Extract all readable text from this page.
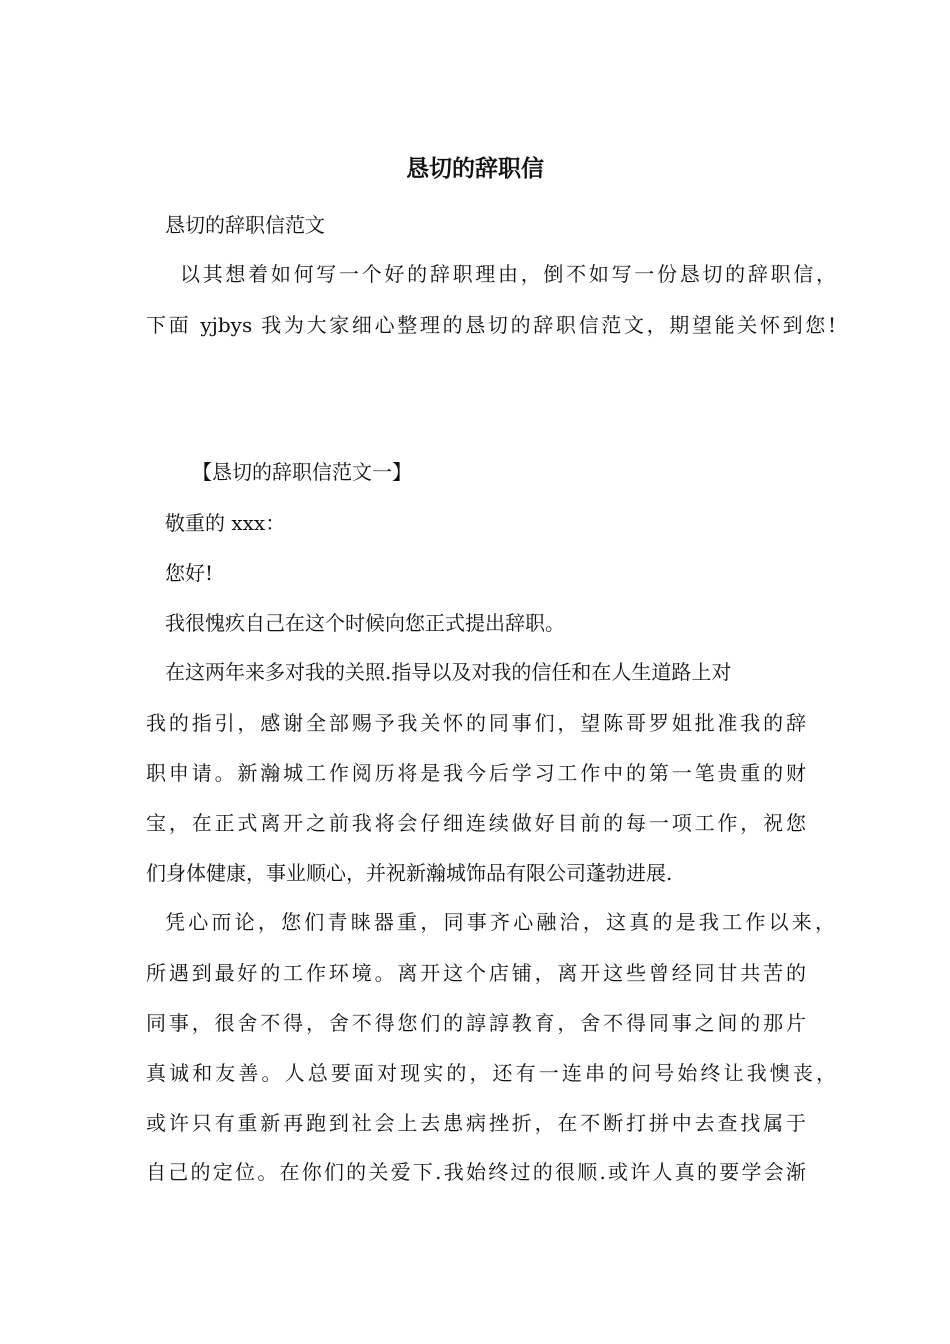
恳切的辞职信

恳切的辞职信范文

以其想着如何写一个好的辞职理由，倒不如写一份恳切的辞职信，

下面 yjbys 我为大家细心整理的恳切的辞职信范文，期望能关怀到您!

【恳切的辞职信范文一】

敬重的 xxx：

您好!

我很愧疚自己在这个时候向您正式提出辞职。

在这两年来多对我的关照.指导以及对我的信任和在人生道路上对

我的指引，感谢全部赐予我关怀的同事们，望陈哥罗姐批准我的辞

职申请。新瀚城工作阅历将是我今后学习工作中的第一笔贵重的财

宝，在正式离开之前我将会仔细连续做好目前的每一项工作，祝您

们身体健康，事业顺心，并祝新瀚城饰品有限公司蓬勃进展.

凭心而论，您们青睐器重，同事齐心融洽，这真的是我工作以来，

所遇到最好的工作环境。离开这个店铺，离开这些曾经同甘共苦的

同事，很舍不得，舍不得您们的諄諄教育，舍不得同事之间的那片

真诚和友善。人总要面对现实的，还有一连串的问号始终让我懊丧，

或许只有重新再跑到社会上去患病挫折，在不断打拼中去查找属于

自己的定位。在你们的关爱下.我始终过的很顺.或许人真的要学会渐
